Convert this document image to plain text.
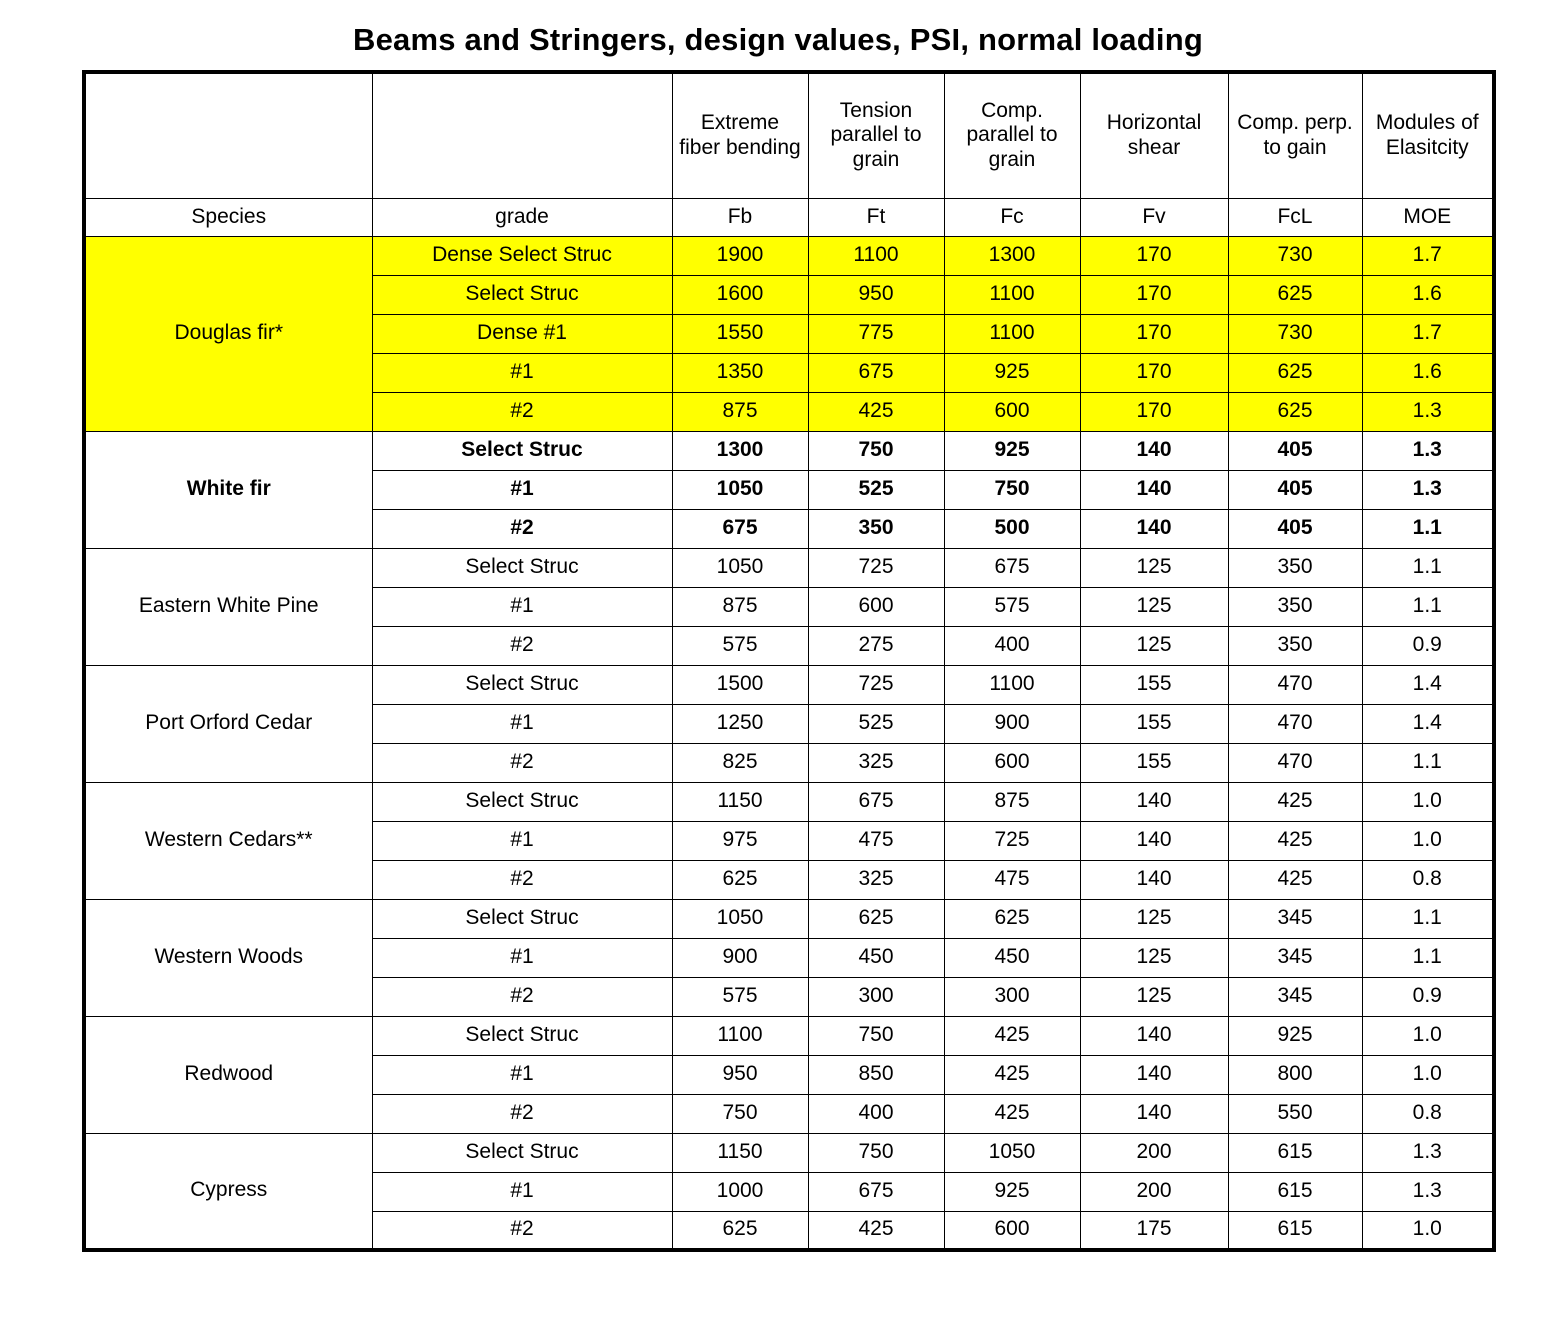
Beams and Stringers, design values, PSI, normal loading
		Extreme fiber bending	Tension parallel to grain	Comp. parallel to grain	Horizontal shear	Comp. perp. to gain	Modules of Elasitcity
Species	grade	Fb	Ft	Fc	Fv	FcL	MOE
Douglas fir*	Dense Select Struc	1900	1100	1300	170	730	1.7
	Select Struc	1600	950	1100	170	625	1.6
	Dense #1	1550	775	1100	170	730	1.7
	#1	1350	675	925	170	625	1.6
	#2	875	425	600	170	625	1.3
White fir	Select Struc	1300	750	925	140	405	1.3
	#1	1050	525	750	140	405	1.3
	#2	675	350	500	140	405	1.1
Eastern White Pine	Select Struc	1050	725	675	125	350	1.1
	#1	875	600	575	125	350	1.1
	#2	575	275	400	125	350	0.9
Port Orford Cedar	Select Struc	1500	725	1100	155	470	1.4
	#1	1250	525	900	155	470	1.4
	#2	825	325	600	155	470	1.1
Western Cedars**	Select Struc	1150	675	875	140	425	1.0
	#1	975	475	725	140	425	1.0
	#2	625	325	475	140	425	0.8
Western Woods	Select Struc	1050	625	625	125	345	1.1
	#1	900	450	450	125	345	1.1
	#2	575	300	300	125	345	0.9
Redwood	Select Struc	1100	750	425	140	925	1.0
	#1	950	850	425	140	800	1.0
	#2	750	400	425	140	550	0.8
Cypress	Select Struc	1150	750	1050	200	615	1.3
	#1	1000	675	925	200	615	1.3
	#2	625	425	600	175	615	1.0
